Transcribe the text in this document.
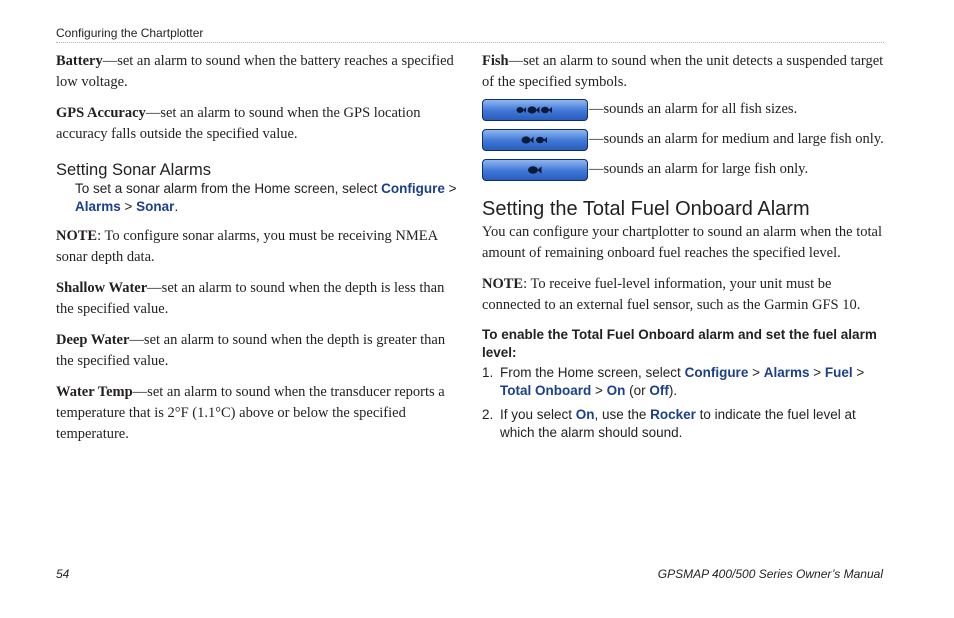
Configuring the Chartplotter

Battery—set an alarm to sound when the battery reaches a specified low voltage.

GPS Accuracy—set an alarm to sound when the GPS location accuracy falls outside the specified value.

Setting Sonar Alarms

To set a sonar alarm from the Home screen, select Configure > Alarms > Sonar.

NOTE: To configure sonar alarms, you must be receiving NMEA sonar depth data.

Shallow Water—set an alarm to sound when the depth is less than the specified value.

Deep Water—set an alarm to sound when the depth is greater than the specified value.

Water Temp—set an alarm to sound when the transducer reports a temperature that is 2°F (1.1°C) above or below the specified temperature.

Fish—set an alarm to sound when the unit detects a suspended target of the specified symbols.

—sounds an alarm for all fish sizes.
—sounds an alarm for medium and large fish only.
—sounds an alarm for large fish only.
Setting the Total Fuel Onboard Alarm

You can configure your chartplotter to sound an alarm when the total amount of remaining onboard fuel reaches the specified level.

NOTE: To receive fuel-level information, your unit must be connected to an external fuel sensor, such as the Garmin GFS 10.

To enable the Total Fuel Onboard alarm and set the fuel alarm level:

1. From the Home screen, select Configure > Alarms > Fuel > Total Onboard > On (or Off).
2. If you select On, use the Rocker to indicate the fuel level at which the alarm should sound.
54	GPSMAP 400/500 Series Owner’s Manual
